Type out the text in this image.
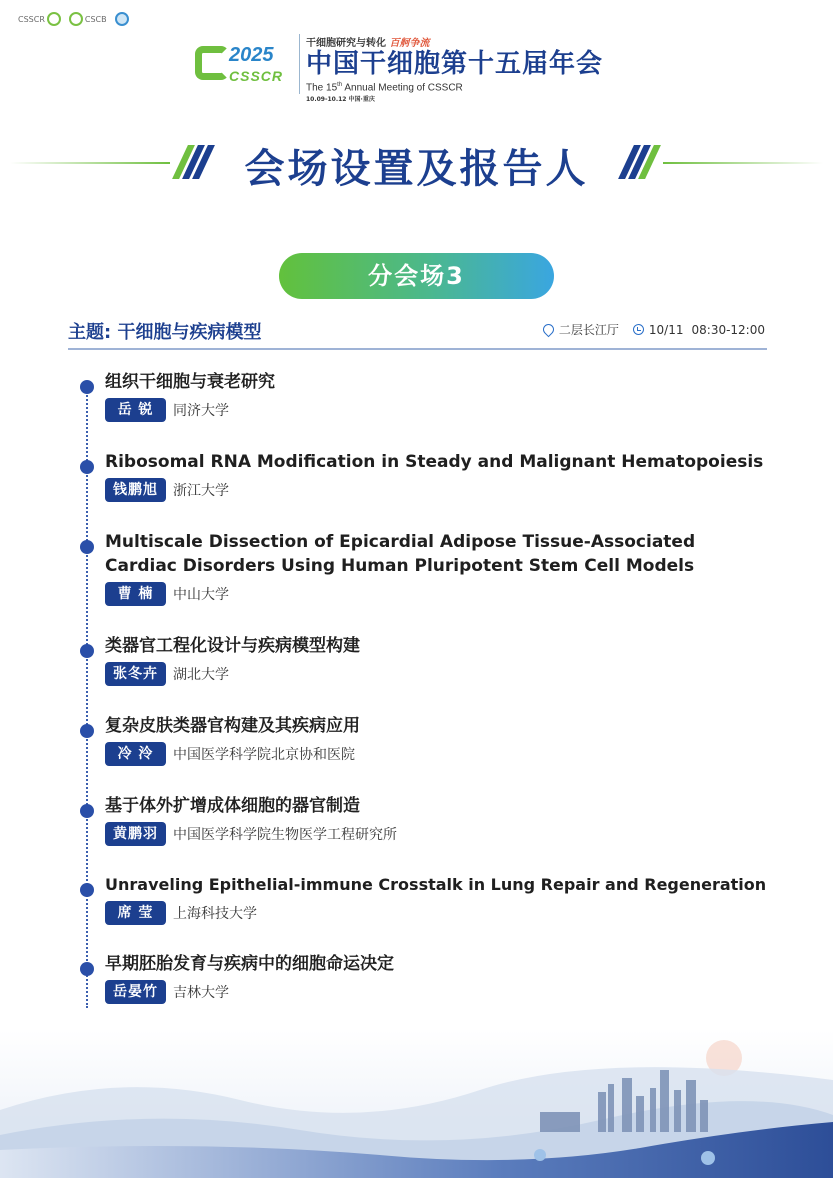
CSSCR	CSCB
2025
CSSCR
干细胞研究与转化 百舸争流
中国干细胞第十五届年会
The 15th Annual Meeting of CSSCR
10.09-10.12 中国·重庆
会场设置及报告人
分会场3
主题: 干细胞与疾病模型	二层长江厅	10/11 08:30-12:00
组织干细胞与衰老研究
岳 锐	同济大学
Ribosomal RNA Modification in Steady and Malignant Hematopoiesis
钱鹏旭	浙江大学
Multiscale Dissection of Epicardial Adipose Tissue-Associated Cardiac Disorders Using Human Pluripotent Stem Cell Models
曹 楠	中山大学
类器官工程化设计与疾病模型构建
张冬卉	湖北大学
复杂皮肤类器官构建及其疾病应用
冷 泠	中国医学科学院北京协和医院
基于体外扩增成体细胞的器官制造
黄鹏羽	中国医学科学院生物医学工程研究所
Unraveling Epithelial-immune Crosstalk in Lung Repair and Regeneration
席 莹	上海科技大学
早期胚胎发育与疾病中的细胞命运决定
岳晏竹	吉林大学
